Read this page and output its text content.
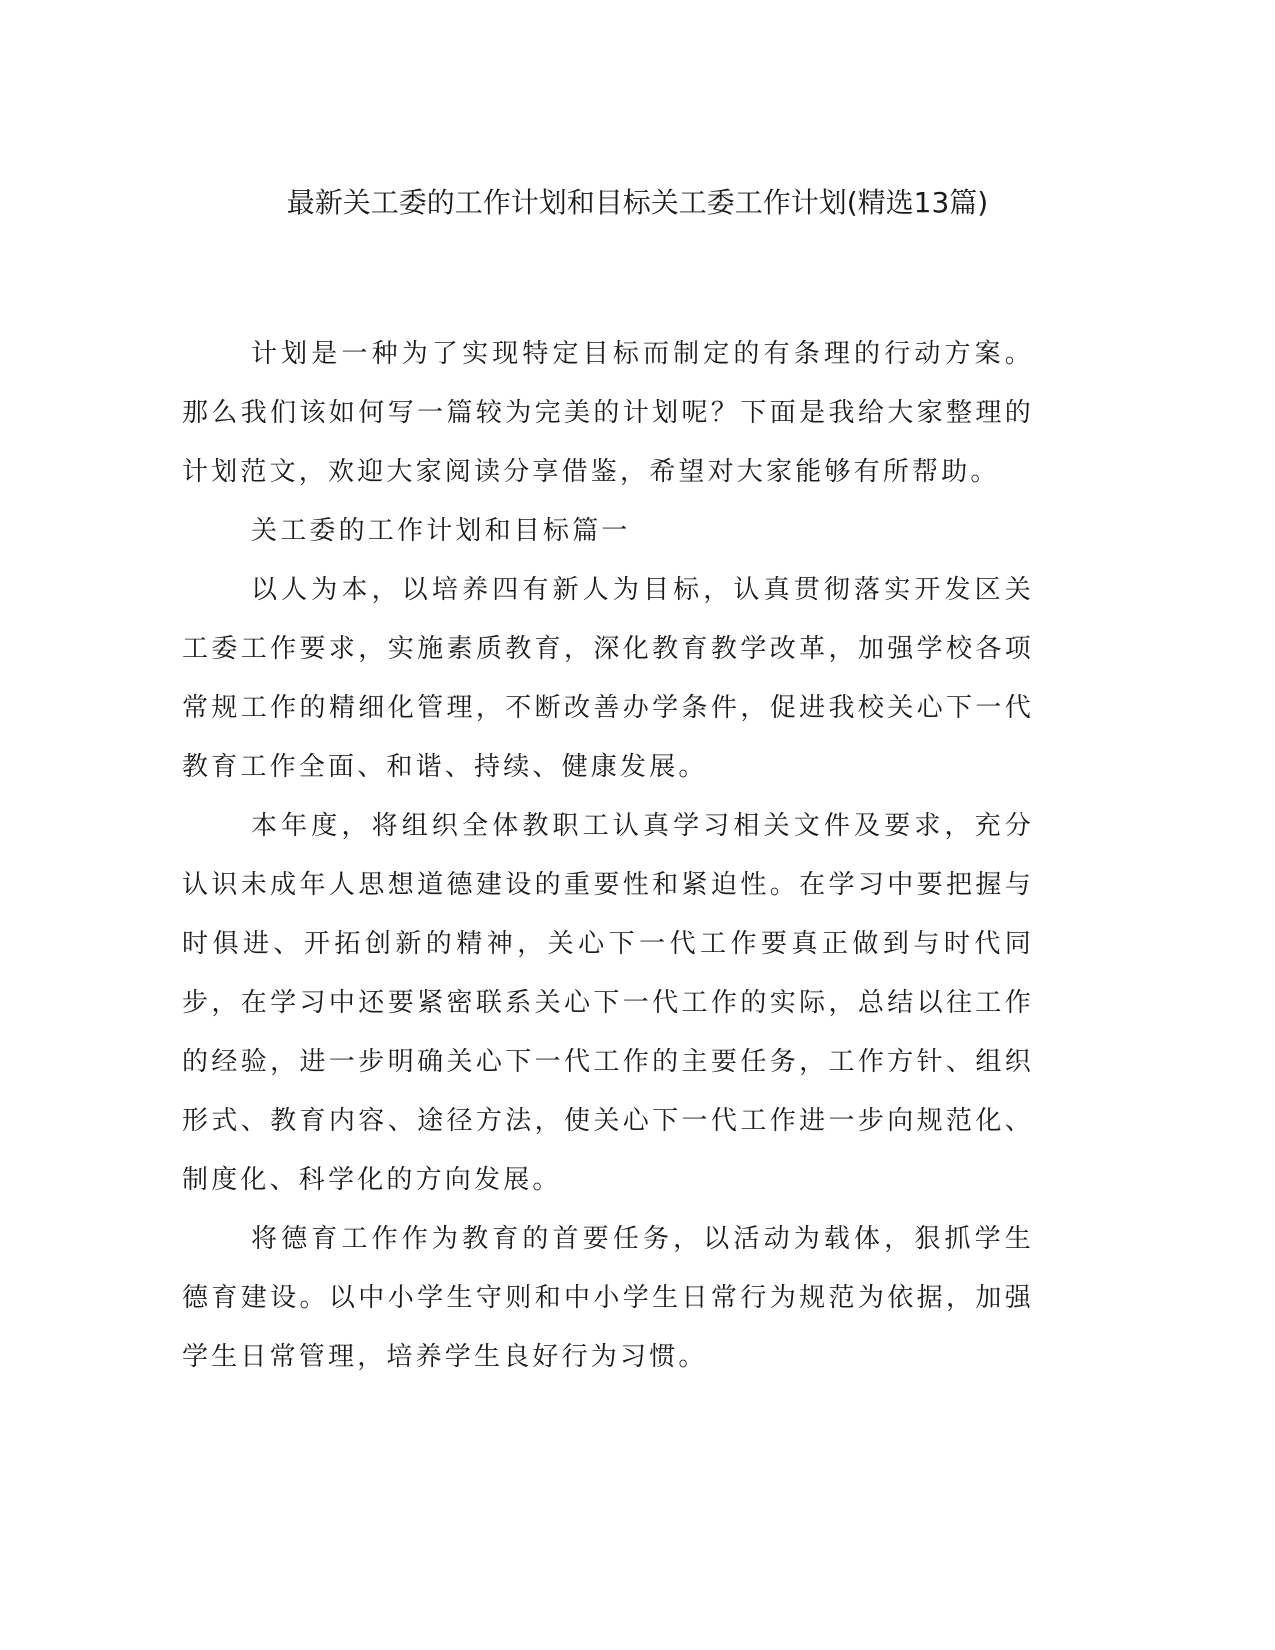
最新关工委的工作计划和目标关工委工作计划(精选13篇)

计划是一种为了实现特定目标而制定的有条理的行动方案。那么我们该如何写一篇较为完美的计划呢？下面是我给大家整理的计划范文，欢迎大家阅读分享借鉴，希望对大家能够有所帮助。

关工委的工作计划和目标篇一

以人为本，以培养四有新人为目标，认真贯彻落实开发区关工委工作要求，实施素质教育，深化教育教学改革，加强学校各项常规工作的精细化管理，不断改善办学条件，促进我校关心下一代教育工作全面、和谐、持续、健康发展。

本年度，将组织全体教职工认真学习相关文件及要求，充分认识未成年人思想道德建设的重要性和紧迫性。在学习中要把握与时俱进、开拓创新的精神，关心下一代工作要真正做到与时代同步，在学习中还要紧密联系关心下一代工作的实际，总结以往工作的经验，进一步明确关心下一代工作的主要任务，工作方针、组织形式、教育内容、途径方法，使关心下一代工作进一步向规范化、制度化、科学化的方向发展。

将德育工作作为教育的首要任务，以活动为载体，狠抓学生德育建设。以中小学生守则和中小学生日常行为规范为依据，加强学生日常管理，培养学生良好行为习惯。
